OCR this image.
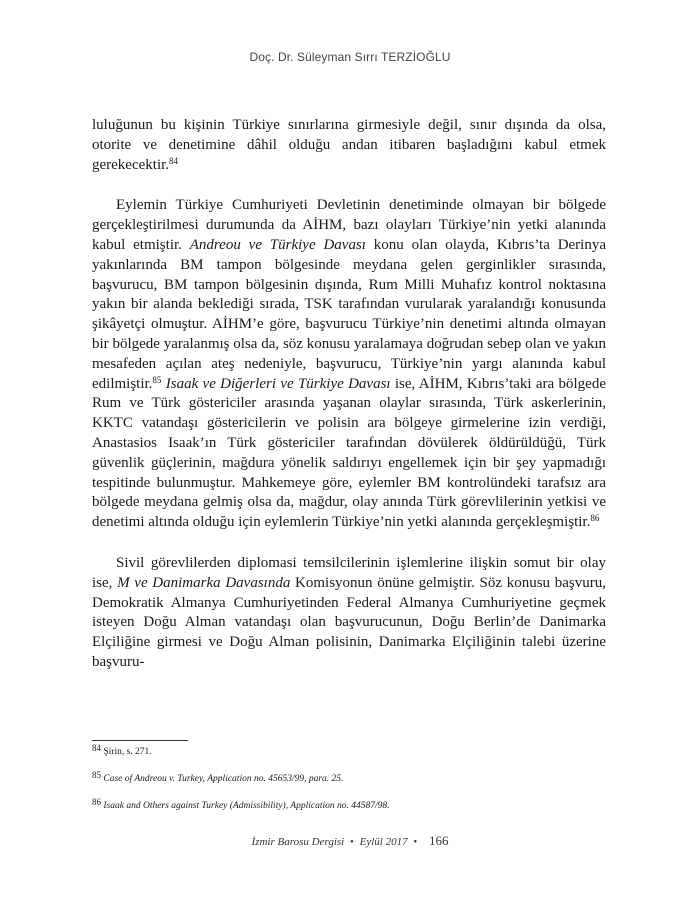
Doç. Dr. Süleyman Sırrı TERZİOĞLU

luluğunun bu kişinin Türkiye sınırlarına girmesiyle değil, sınır dışında da olsa, otorite ve denetimine dâhil olduğu andan itibaren başladığını kabul etmek gerekecektir.$^{84}$

Eylemin Türkiye Cumhuriyeti Devletinin denetiminde olmayan bir bölgede gerçekleştirilmesi durumunda da AİHM, bazı olayları Türkiye’nin yetki alanında kabul etmiştir. Andreou ve Türkiye Davası konu olan olayda, Kıbrıs’ta Derinya yakınlarında BM tampon bölgesinde meydana gelen gerginlikler sırasında, başvurucu, BM tampon bölgesinin dışında, Rum Milli Muhafız kontrol noktasına yakın bir alanda beklediği sırada, TSK tarafından vurularak yaralandığı konusunda şikâyetçi olmuştur. AİHM’e göre, başvurucu Türkiye’nin denetimi altında olmayan bir bölgede yaralanmış olsa da, söz konusu yaralamaya doğrudan sebep olan ve yakın mesafeden açılan ateş nedeniyle, başvurucu, Türkiye’nin yargı alanında kabul edilmiştir.$^{85}$ Isaak ve Diğerleri ve Türkiye Davası ise, AİHM, Kıbrıs’taki ara bölgede Rum ve Türk göstericiler arasında yaşanan olaylar sırasında, Türk askerlerinin, KKTC vatandaşı göstericilerin ve polisin ara bölgeye girmelerine izin verdiği, Anastasios Isaak’ın Türk göstericiler tarafından dövülerek öldürüldüğü, Türk güvenlik güçlerinin, mağdura yönelik saldırıyı engellemek için bir şey yapmadığı tespitinde bulunmuştur. Mahkemeye göre, eylemler BM kontrolündeki tarafsız ara bölgede meydana gelmiş olsa da, mağdur, olay anında Türk görevlilerinin yetkisi ve denetimi altında olduğu için eylemlerin Türkiye’nin yetki alanında gerçekleşmiştir.$^{86}$

Sivil görevlilerden diplomasi temsilcilerinin işlemlerine ilişkin somut bir olay ise, M ve Danimarka Davasında Komisyonun önüne gelmiştir. Söz konusu başvuru, Demokratik Almanya Cumhuriyetinden Federal Almanya Cumhuriyetine geçmek isteyen Doğu Alman vatandaşı olan başvurucunun, Doğu Berlin’de Danimarka Elçiliğine girmesi ve Doğu Alman polisinin, Danimarka Elçiliğinin talebi üzerine başvuru-

84 Şirin, s. 271.

85 Case of Andreou v. Turkey, Application no. 45653/99, para. 25.

86 Isaak and Others against Turkey (Admissibility), Application no. 44587/98.

İzmir Barosu Dergisi • Eylül 2017 • 166
